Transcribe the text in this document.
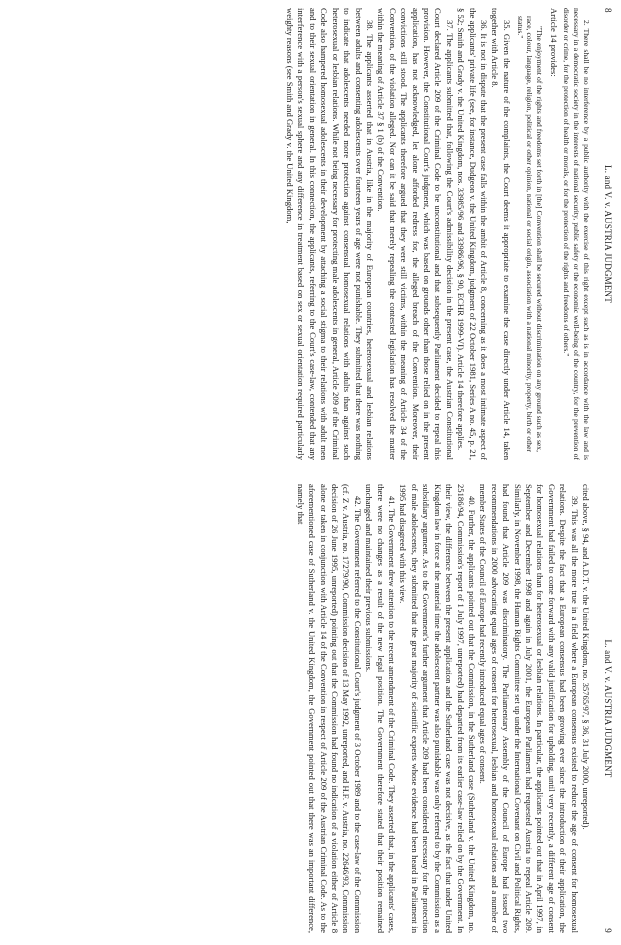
8
L. and V. v. AUSTRIA JUDGMENT

2. There shall be no interference by a public authority with the exercise of this right except such as is in accordance with the law and is necessary in a democratic society in the interests of national security, public safety or the economic well-being of the country, for the prevention of disorder or crime, for the protection of health or morals, or for the protection of the rights and freedoms of others."

Article 14 provides:

"The enjoyment of the rights and freedoms set forth in [the] Convention shall be secured without discrimination on any ground such as sex, race, colour, language, religion, political or other opinion, national or social origin, association with a national minority, property, birth or other status."

35. Given the nature of the complaints, the Court deems it appropriate to examine the case directly under Article 14, taken together with Article 8.

36. It is not in dispute that the present case falls within the ambit of Article 8, concerning as it does a most intimate aspect of the applicants' private life (see, for instance, Dudgeon v. the United Kingdom, judgment of 22 October 1981, Series A no. 45, p. 21, § 52; Smith and Grady v. the United Kingdom, nos. 33985/96 and 33986/96, § 90, ECHR 1999-VI). Article 14 therefore applies.

37. The applicants submitted that, following the Court's admissibility decision in the present case, the Austrian Constitutional Court declared Article 209 of the Criminal Code to be unconstitutional and that subsequently Parliament decided to repeal this provision. However, the Constitutional Court's judgment, which was based on grounds other than those relied on in the present application, has not acknowledged, let alone afforded redress for, the alleged breach of the Convention. Moreover, their convictions still stood. The applicants therefore argued that they were still victims, within the meaning of Article 34 of the Convention, of the violation alleged. Nor can it be said that merely repealing the contested legislation has resolved the matter within the meaning of Article 37 § 1 (b) of the Convention.

38. The applicants asserted that in Austria, like in the majority of European countries, heterosexual and lesbian relations between adults and consenting adolescents over fourteen years of age were not punishable. They submitted that there was nothing to indicate that adolescents needed more protection against consensual homosexual relations with adults than against such heterosexual or lesbian relations. While not being necessary for protecting male adolescents in general, Article 209 of the Criminal Code also hampered homosexual adolescents in their development by attaching a social stigma to their relations with adult men and to their sexual orientation in general. In this connection, the applicants, referring to the Court's case-law, contended that any interference with a person's sexual sphere and any difference in treatment based on sex or sexual orientation required particularly weighty reasons (see Smith and Grady v. the United Kingdom,

L. and V. v. AUSTRIA JUDGMENT
9

cited above, § 94, and A.D.T. v. the United Kingdom, no. 35765/97, § 36, 31 July 2000, unreported).

39. This was all the more true in a field where a European consensus existed to reduce the age of consent for homosexual relations. Despite the fact that a European consensus had been growing ever since the introduction of their application, the Government had failed to come forward with any valid justification for upholding, until very recently, a different age of consent for homosexual relations than for heterosexual or lesbian relations. In particular, the applicants pointed out that in April 1997, in September and December 1998 and again in July 2001, the European Parliament had requested Austria to repeal Article 209. Similarly, in November 1998, the Human Rights Committee set up under the International Covenant on Civil and Political Rights, had found that Article 209 was discriminatory. The Parliamentary Assembly of the Council of Europe had issued two recommendations in 2000 advocating equal ages of consent for heterosexual, lesbian and homosexual relations and a number of member States of the Council of Europe had recently introduced equal ages of consent.

40. Further, the applicants pointed out that the Commission, in the Sutherland case (Sutherland v. the United Kingdom, no. 25186/94, Commission's report of 1 July 1997, unreported) had departed from its earlier case-law relied on by the Government. In their view, the difference between the present application and the Sutherland case was not decisive, as the fact that under United Kingdom law in force at the material time the adolescent partner was also punishable was only referred to by the Commission as a subsidiary argument. As to the Government's further argument that Article 209 had been considered necessary for the protection of male adolescents, they submitted that the great majority of scientific experts whose evidence had been heard in Parliament in 1995 had disagreed with this view.

41. The Government drew attention to the recent amendment of the Criminal Code. They asserted that, in the applicants' cases, there were no changes as a result of the new legal position. The Government therefore stated that their position remained unchanged and maintained their previous submissions.

42. The Government referred to the Constitutional Court's judgment of 3 October 1989 and to the case-law of the Commission (cf. Z v. Austria, no. 17279/90, Commission decision of 13 May 1992, unreported, and H.F. v. Austria, no. 22646/93, Commission decision of 26 June 1995, unreported) pointing out that the Commission had found no indication of a violation either of Article 8 alone or taken in conjunction with Article 14 of the Convention in respect of Article 209 of the Austrian Criminal Code. As to the aforementioned case of Sutherland v. the United Kingdom, the Government pointed out that there was an important difference, namely that
